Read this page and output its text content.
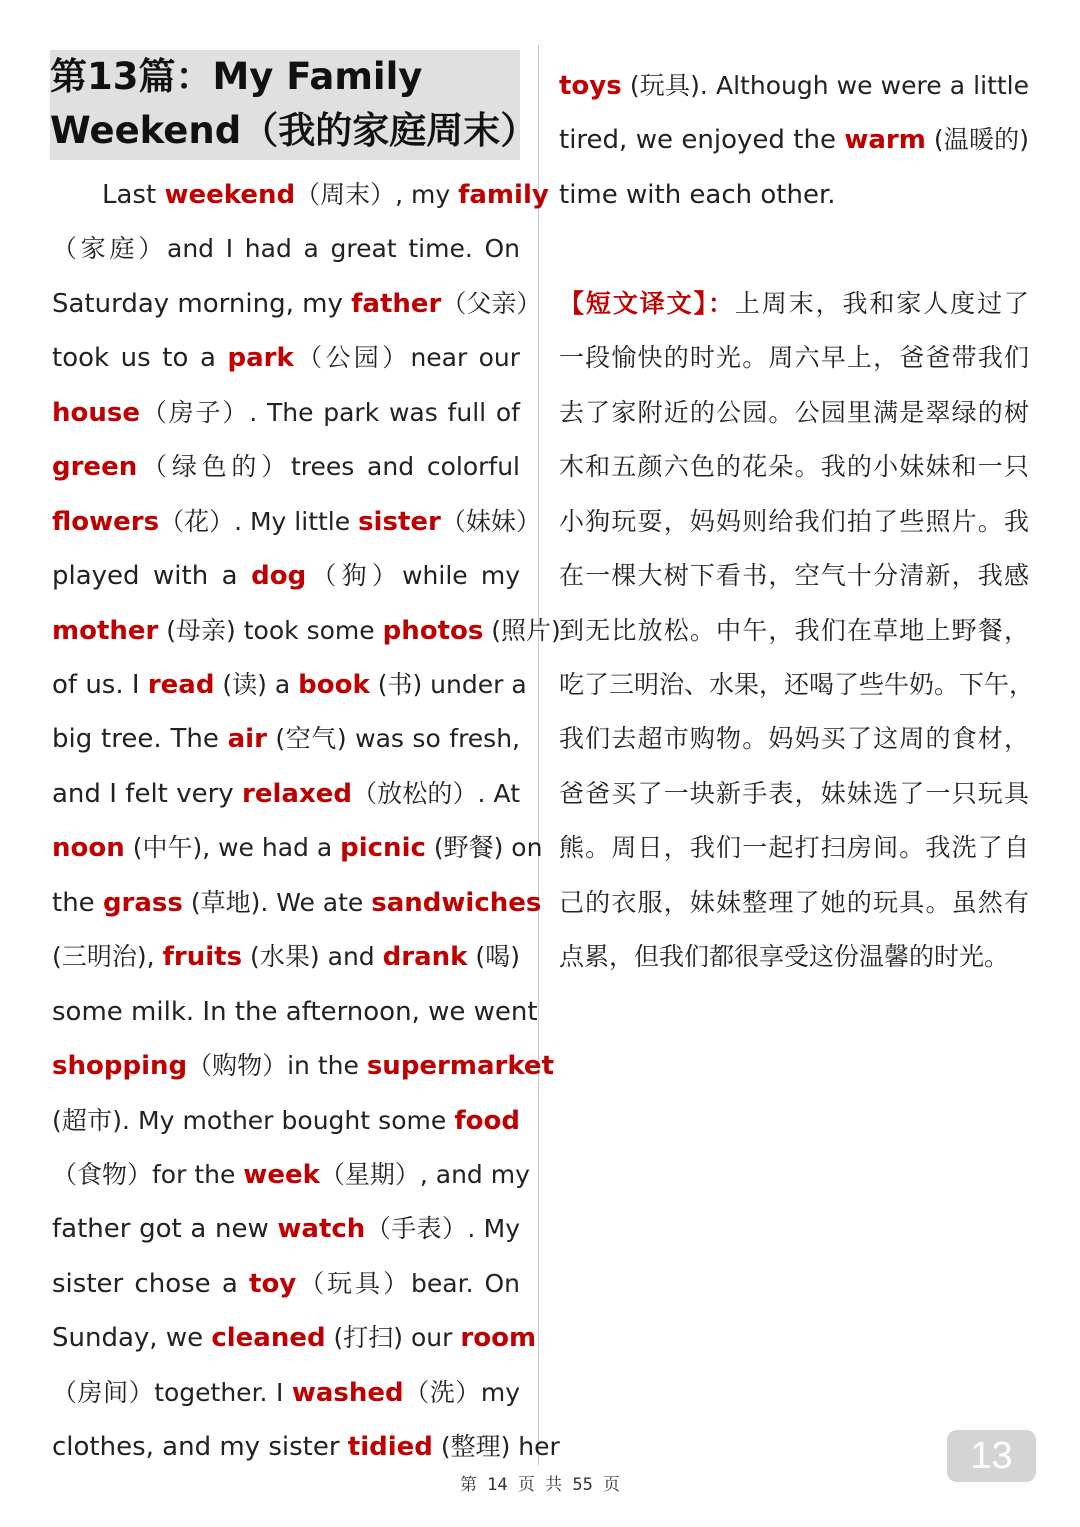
第13篇：My Family
Weekend（我的家庭周末）
Last weekend（周末）, my family
（家庭）and I had a great time. On
Saturday morning, my father（父亲）
took us to a park（公园）near our
house（房子）. The park was full of
green（绿色的）trees and colorful
flowers（花）. My little sister（妹妹）
played with a dog（狗）while my
mother (母亲) took some photos (照片)
of us. I read (读) a book (书) under a
big tree. The air (空气) was so fresh,
and I felt very relaxed（放松的）. At
noon (中午), we had a picnic (野餐) on
the grass (草地). We ate sandwiches
(三明治), fruits (水果) and drank (喝)
some milk. In the afternoon, we went
shopping（购物）in the supermarket
(超市). My mother bought some food
（食物）for the week（星期）, and my
father got a new watch（手表）. My
sister chose a toy（玩具）bear. On
Sunday, we cleaned (打扫) our room
（房间）together. I washed（洗）my
clothes, and my sister tidied (整理) her
toys (玩具). Although we were a little
tired, we enjoyed the warm (温暖的)
time with each other.
【短文译文】：上周末，我和家人度过了
一段愉快的时光。周六早上，爸爸带我们
去了家附近的公园。公园里满是翠绿的树
木和五颜六色的花朵。我的小妹妹和一只
小狗玩耍，妈妈则给我们拍了些照片。我
在一棵大树下看书，空气十分清新，我感
到无比放松。中午，我们在草地上野餐，
吃了三明治、水果，还喝了些牛奶。下午，
我们去超市购物。妈妈买了这周的食材，
爸爸买了一块新手表，妹妹选了一只玩具
熊。周日，我们一起打扫房间。我洗了自
己的衣服，妹妹整理了她的玩具。虽然有
点累，但我们都很享受这份温馨的时光。
13
第 14 页 共 55 页
